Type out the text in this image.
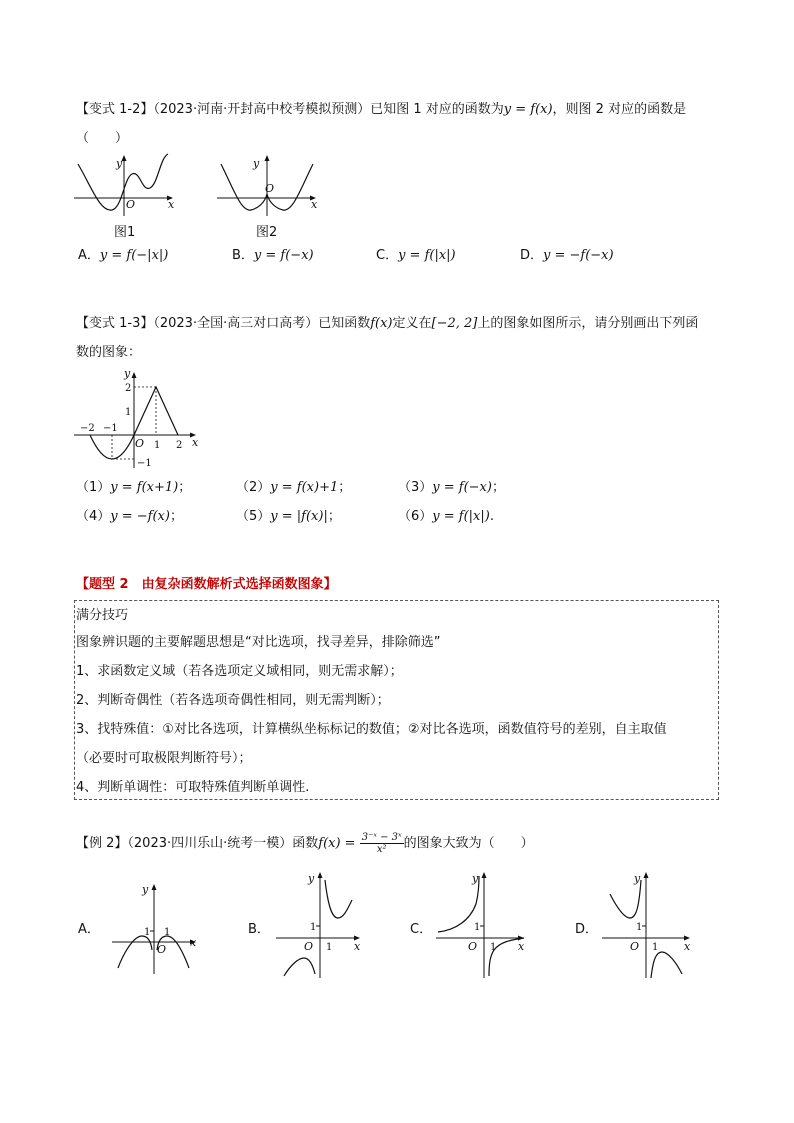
【变式 1-2】（2023·河南·开封高中校考模拟预测）已知图 1 对应的函数为y = f(x)，则图 2 对应的函数是
（　　）
y
x
O
图1
y
x
O
图2
A．y = f(−|x|)	B．y = f(−x)	C．y = f(|x|)	D．y = −f(−x)
【变式 1-3】（2023·全国·高三对口高考）已知函数f(x)定义在[−2, 2]上的图象如图所示，请分别画出下列函
数的图象：
y
x
O
2
1
−2 −1
1 2
−1
（1）y = f(x+1)；	（2）y = f(x)+1；	（3）y = f(−x)；
（4）y = −f(x)；	（5）y = |f(x)|；	（6）y = f(|x|).
【题型 2　由复杂函数解析式选择函数图象】
满分技巧
图象辨识题的主要解题思想是“对比选项，找寻差异，排除筛选”
1、求函数定义域（若各选项定义域相同，则无需求解）；
2、判断奇偶性（若各选项奇偶性相同，则无需判断）；
3、找特殊值：①对比各选项，计算横纵坐标标记的数值；②对比各选项，函数值符号的差别，自主取值
（必要时可取极限判断符号）；
4、判断单调性：可取特殊值判断单调性.
【例 2】（2023·四川乐山·统考一模）函数$f(x) = \frac{\text{3⁻ˣ − 3ˣ}}{\text{x²}}$ 的图象大致为（　　）
A．
y
x
O
1 1	B．
y
x
O
1
1
C．
y
x
O
1
1
D．
y
x
O
1
1
